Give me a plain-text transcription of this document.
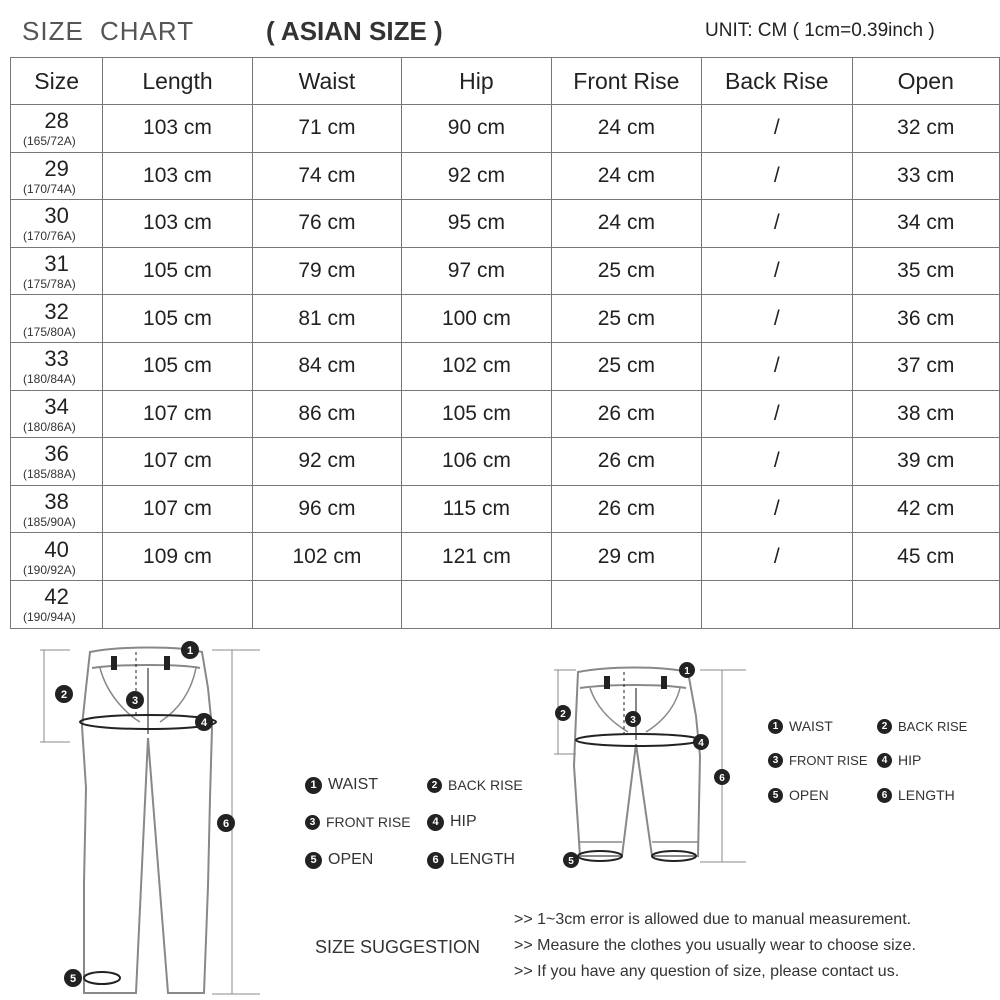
SIZE CHART	( ASIAN SIZE )	UNIT: CM ( 1cm=0.39inch )
Size	Length	Waist	Hip	Front Rise	Back Rise	Open

28
(165/72A)	103 cm	71 cm	90 cm	24 cm	/	32 cm

29
(170/74A)	103 cm	74 cm	92 cm	24 cm	/	33 cm

30
(170/76A)	103 cm	76 cm	95 cm	24 cm	/	34 cm

31
(175/78A)	105 cm	79 cm	97 cm	25 cm	/	35 cm

32
(175/80A)	105 cm	81 cm	100 cm	25 cm	/	36 cm

33
(180/84A)	105 cm	84 cm	102 cm	25 cm	/	37 cm

34
(180/86A)	107 cm	86 cm	105 cm	26 cm	/	38 cm

36
(185/88A)	107 cm	92 cm	106 cm	26 cm	/	39 cm

38
(185/90A)	107 cm	96 cm	115 cm	26 cm	/	42 cm

40
(190/92A)	109 cm	102 cm	121 cm	29 cm	/	45 cm

42
(190/94A)						

1
2	3
4
5
6
1 WAIST	2 BACK RISE
3 FRONT RISE	4 HIP
5 OPEN	6 LENGTH
1
2
3
4
5
6
1 WAIST	2 BACK RISE
3 FRONT RISE	4 HIP
5 OPEN	6 LENGTH
SIZE SUGGESTION
>> 1~3cm error is allowed due to manual measurement.
>> Measure the clothes you usually wear to choose size.
>> If you have any question of size, please contact us.
